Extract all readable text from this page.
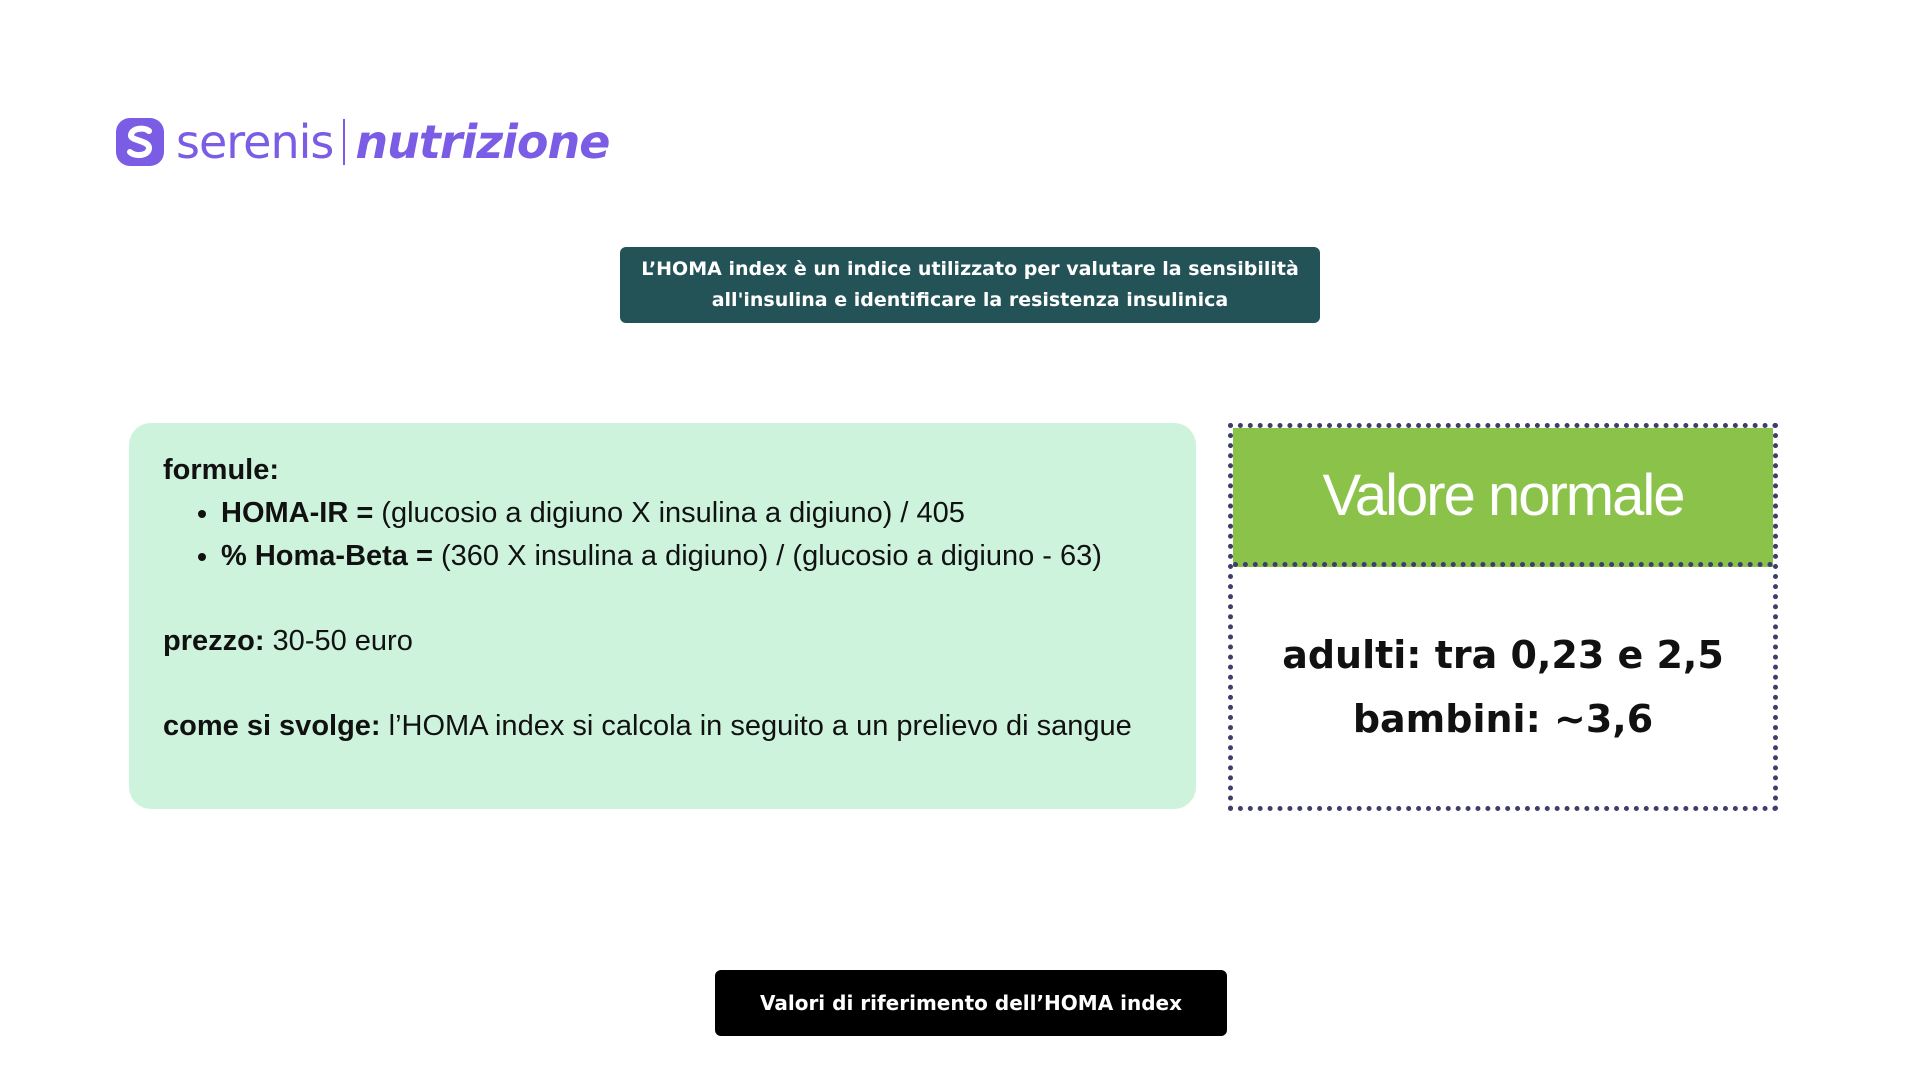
serenis nutrizione
L’HOMA index è un indice utilizzato per valutare la sensibilità
all'insulina e identificare la resistenza insulinica
formule:
• HOMA-IR = (glucosio a digiuno X insulina a digiuno) / 405
• % Homa-Beta = (360 X insulina a digiuno) / (glucosio a digiuno - 63)
prezzo: 30-50 euro
come si svolge: l’HOMA index si calcola in seguito a un prelievo di sangue
Valore normale
adulti: tra 0,23 e 2,5
bambini: ~3,6
Valori di riferimento dell’HOMA index
